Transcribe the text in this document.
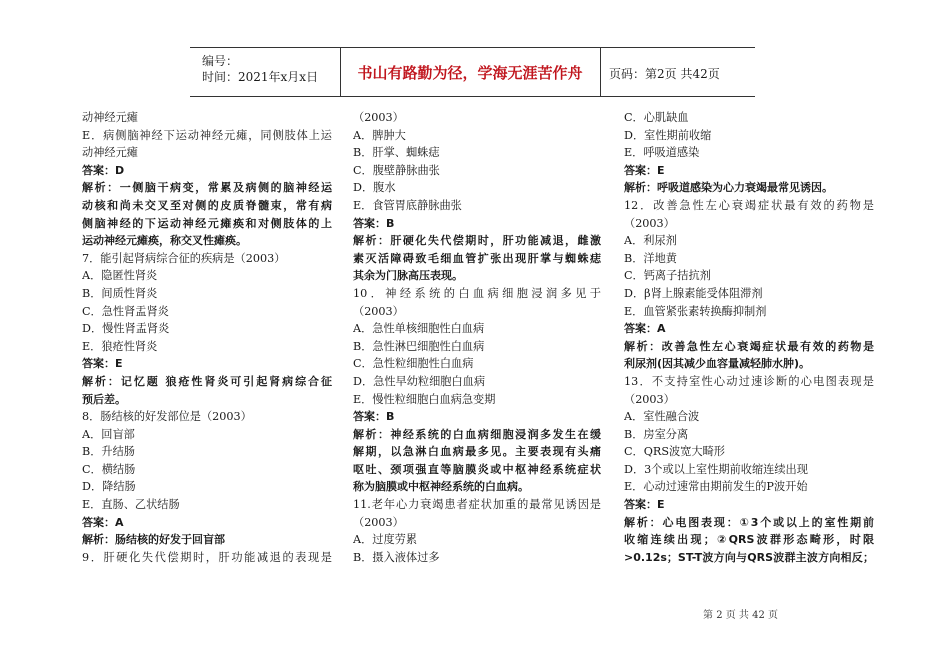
编号：
时间：2021年x月x日	书山有路勤为径，学海无涯苦作舟	页码：第2页 共42页
动神经元瘫
E．病侧脑神经下运动神经元瘫，同侧肢体上运
动神经元瘫
答案：D
解析：一侧脑干病变，常累及病侧的脑神经运
动核和尚未交叉至对侧的皮质脊髓束，常有病
侧脑神经的下运动神经元瘫痪和对侧肢体的上
运动神经元瘫痪，称交叉性瘫痪。
7．能引起肾病综合征的疾病是（2003）
A．隐匿性肾炎
B．间质性肾炎
C．急性肾盂肾炎
D．慢性肾盂肾炎
E．狼疮性肾炎
答案：E
解析：记忆题 狼疮性肾炎可引起肾病综合征
预后差。
8．肠结核的好发部位是（2003）
A．回盲部
B．升结肠
C．横结肠
D．降结肠
E．直肠、乙状结肠
答案：A
解析：肠结核的好发于回盲部
9．肝硬化失代偿期时，肝功能减退的表现是
（2003）
A．脾肿大
B．肝掌、蜘蛛痣
C．腹壁静脉曲张
D．腹水
E．食管胃底静脉曲张
答案：B
解析：肝硬化失代偿期时，肝功能减退，雌激
素灭活障碍致毛细血管扩张出现肝掌与蜘蛛痣
其余为门脉高压表现。
10．神经系统的白血病细胞浸润多见于
（2003）
A．急性单核细胞性白血病
B．急性淋巴细胞性白血病
C．急性粒细胞性白血病
D．急性早幼粒细胞白血病
E．慢性粒细胞白血病急变期
答案：B
解析：神经系统的白血病细胞浸润多发生在缓
解期，以急淋白血病最多见。主要表现有头痛
呕吐、颈项强直等脑膜炎或中枢神经系统症状
称为脑膜或中枢神经系统的白血病。
11.老年心力衰竭患者症状加重的最常见诱因是
（2003）
A．过度劳累
B．摄入液体过多
C．心肌缺血
D．室性期前收缩
E．呼吸道感染
答案：E
解析：呼吸道感染为心力衰竭最常见诱因。
12．改善急性左心衰竭症状最有效的药物是
（2003）
A．利尿剂
B．洋地黄
C．钙离子拮抗剂
D．β肾上腺素能受体阻滞剂
E．血管紧张素转换酶抑制剂
答案：A
解析：改善急性左心衰竭症状最有效的药物是
利尿剂(因其减少血容量减轻肺水肿)。
13．不支持室性心动过速诊断的心电图表现是
（2003）
A．室性融合波
B．房室分离
C．QRS波宽大畸形
D．3个或以上室性期前收缩连续出现
E．心动过速常由期前发生的P波开始
答案：E
解析：心电图表现：①3个或以上的室性期前
收缩连续出现；②QRS波群形态畸形，时限
>0.12s；ST-T波方向与QRS波群主波方向相反；
第 2 页 共 42 页
